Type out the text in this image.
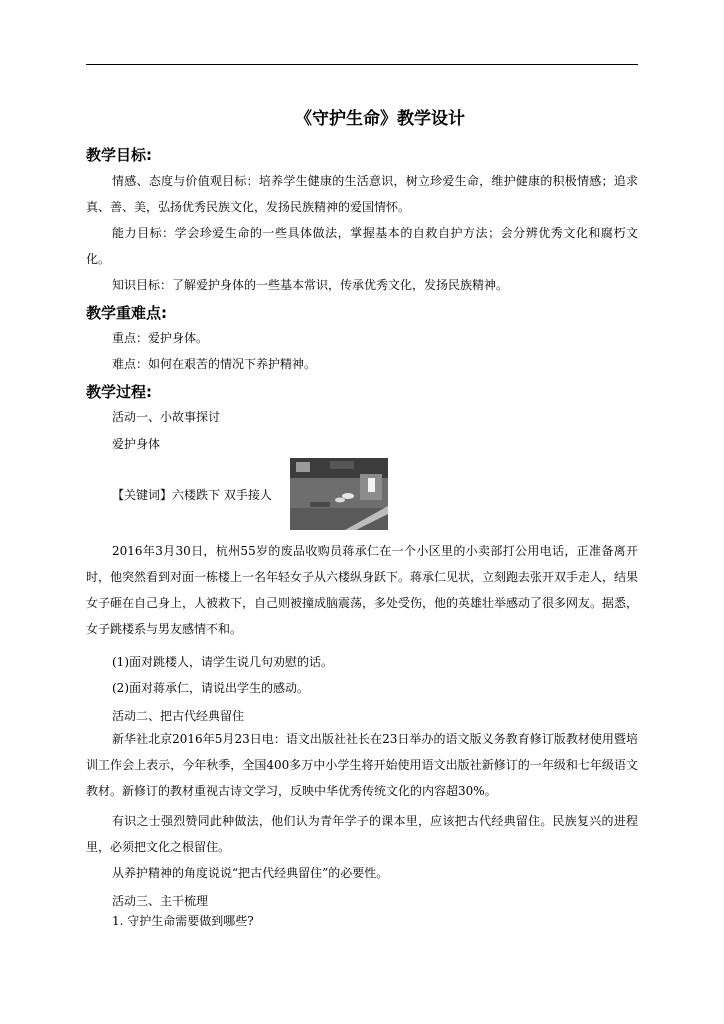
《守护生命》教学设计
教学目标:

情感、态度与价值观目标：培养学生健康的生活意识，树立珍爱生命，维护健康的积极情感；追求真、善、美，弘扬优秀民族文化，发扬民族精神的爱国情怀。

能力目标：学会珍爱生命的一些具体做法，掌握基本的自救自护方法；会分辨优秀文化和腐朽文化。

知识目标：了解爱护身体的一些基本常识，传承优秀文化，发扬民族精神。

教学重难点:

重点：爱护身体。

难点：如何在艰苦的情况下养护精神。

教学过程:

活动一、小故事探讨

爱护身体

【关键词】六楼跌下 双手接人

2016年3月30日，杭州55岁的废品收购员蒋承仁在一个小区里的小卖部打公用电话，正准备离开时，他突然看到对面一栋楼上一名年轻女子从六楼纵身跃下。蒋承仁见状，立刻跑去张开双手走人，结果女子砸在自己身上，人被救下，自己则被撞成脑震荡，多处受伤，他的英雄壮举感动了很多网友。据悉，女子跳楼系与男友感情不和。

(1)面对跳楼人，请学生说几句劝慰的话。

(2)面对蒋承仁，请说出学生的感动。

活动二、把古代经典留住

新华社北京2016年5月23日电：语文出版社社长在23日举办的语文版义务教育修订版教材使用暨培训工作会上表示，今年秋季，全国400多万中小学生将开始使用语文出版社新修订的一年级和七年级语文教材。新修订的教材重视古诗文学习，反映中华优秀传统文化的内容超30%。

有识之士强烈赞同此种做法，他们认为青年学子的课本里，应该把古代经典留住。民族复兴的进程里，必须把文化之根留住。

从养护精神的角度说说“把古代经典留住”的必要性。

活动三、主干梳理
1. 守护生命需要做到哪些?
